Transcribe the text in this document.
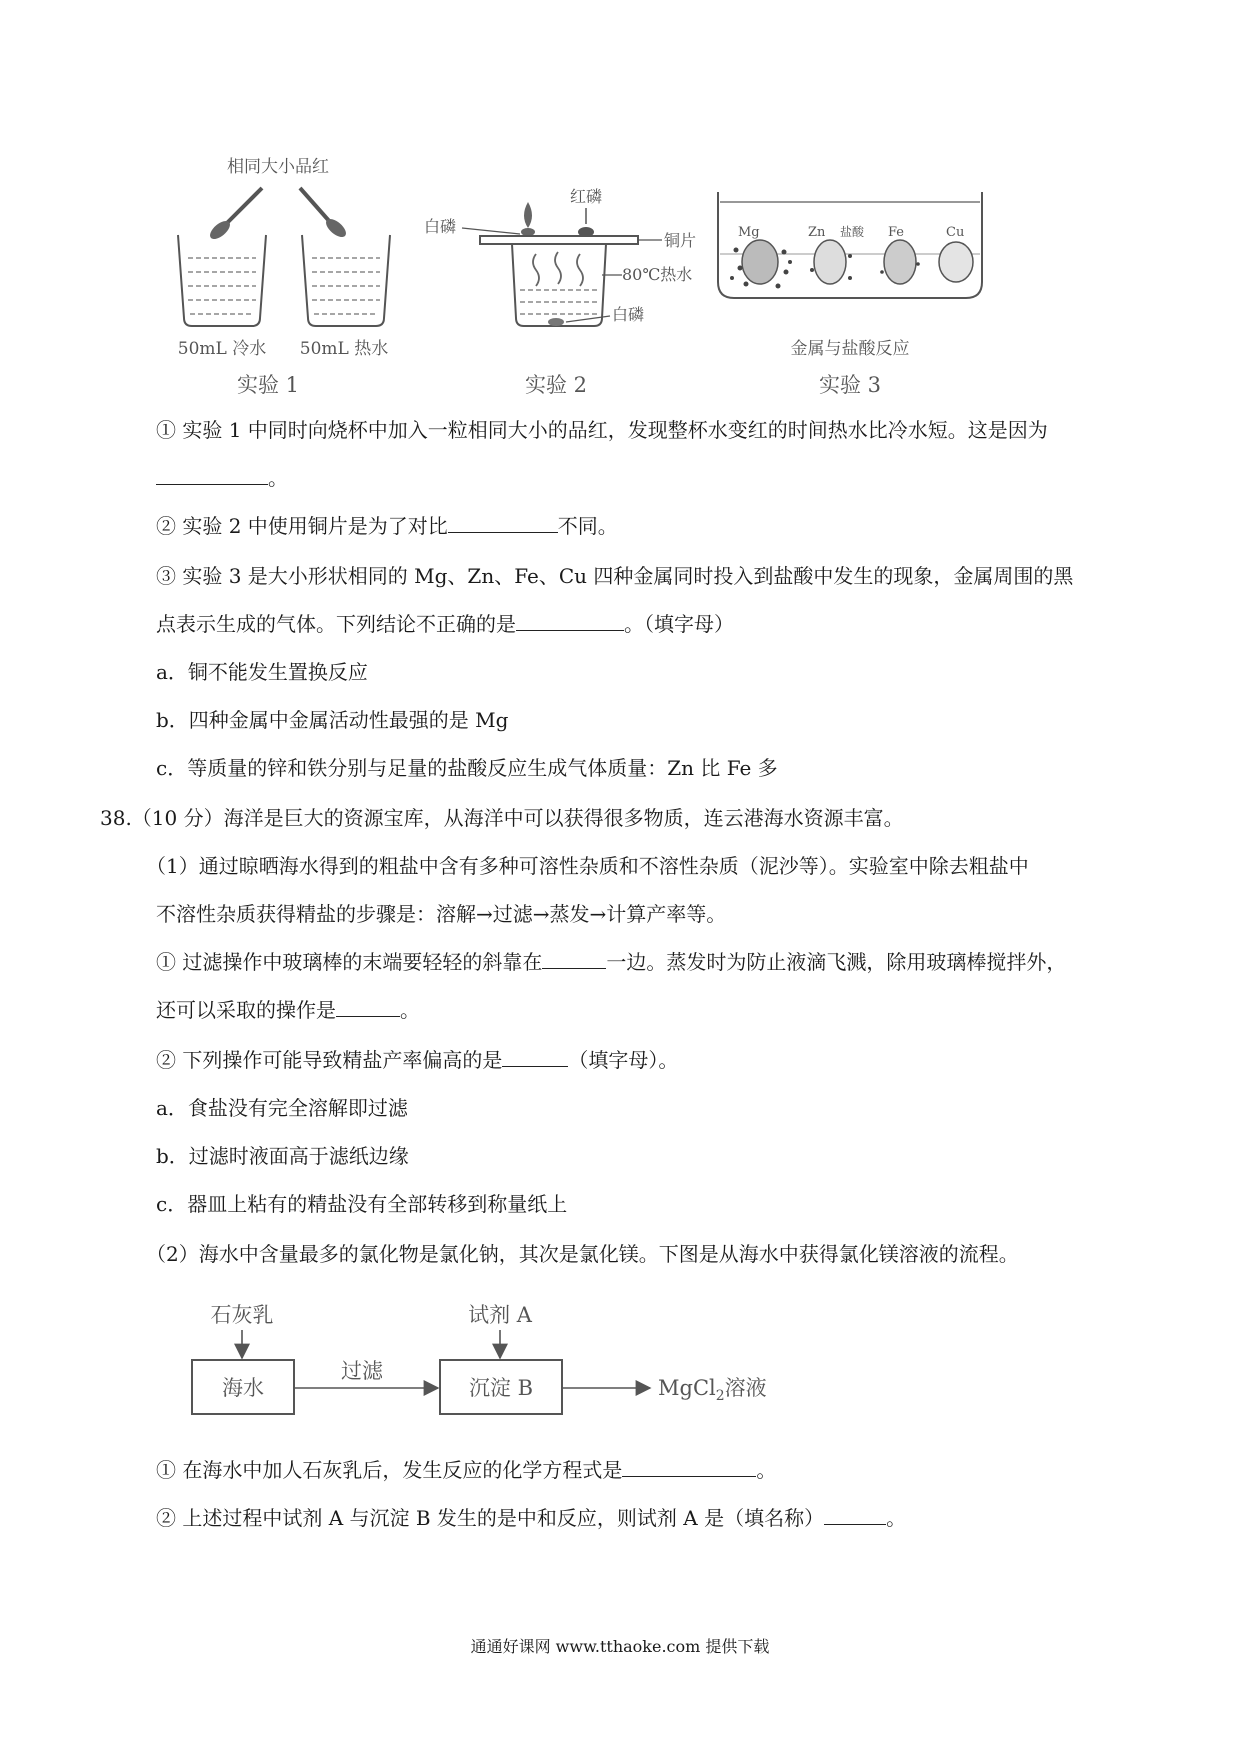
相同大小品红
50mL 冷水 50mL 热水
实验 1
红磷
白磷
铜片
80℃热水
白磷
实验 2
Mg	Zn 盐酸 Fe	Cu
金属与盐酸反应
实验 3
① 实验 1 中同时向烧杯中加入一粒相同大小的品红，发现整杯水变红的时间热水比冷水短。这是因为
。
② 实验 2 中使用铜片是为了对比	不同。
③ 实验 3 是大小形状相同的 Mg、Zn、Fe、Cu 四种金属同时投入到盐酸中发生的现象，金属周围的黑
点表示生成的气体。下列结论不正确的是	。（填字母）
a．铜不能发生置换反应
b．四种金属中金属活动性最强的是 Mg
c．等质量的锌和铁分别与足量的盐酸反应生成气体质量：Zn 比 Fe 多
38.（10 分）海洋是巨大的资源宝库，从海洋中可以获得很多物质，连云港海水资源丰富。
（1）通过晾晒海水得到的粗盐中含有多种可溶性杂质和不溶性杂质（泥沙等）。实验室中除去粗盐中
不溶性杂质获得精盐的步骤是：溶解→过滤→蒸发→计算产率等。
① 过滤操作中玻璃棒的末端要轻轻的斜靠在	一边。蒸发时为防止液滴飞溅，除用玻璃棒搅拌外，
还可以采取的操作是	。
② 下列操作可能导致精盐产率偏高的是	（填字母）。
a．食盐没有完全溶解即过滤
b．过滤时液面高于滤纸边缘
c．器皿上粘有的精盐没有全部转移到称量纸上
（2）海水中含量最多的氯化物是氯化钠，其次是氯化镁。下图是从海水中获得氯化镁溶液的流程。
石灰乳
海水
过滤
试剂 A
沉淀 B	MgCl$_2$溶液
① 在海水中加人石灰乳后，发生反应的化学方程式是	。
② 上述过程中试剂 A 与沉淀 B 发生的是中和反应，则试剂 A 是（填名称）	。
通通好课网 www.tthaoke.com 提供下载
